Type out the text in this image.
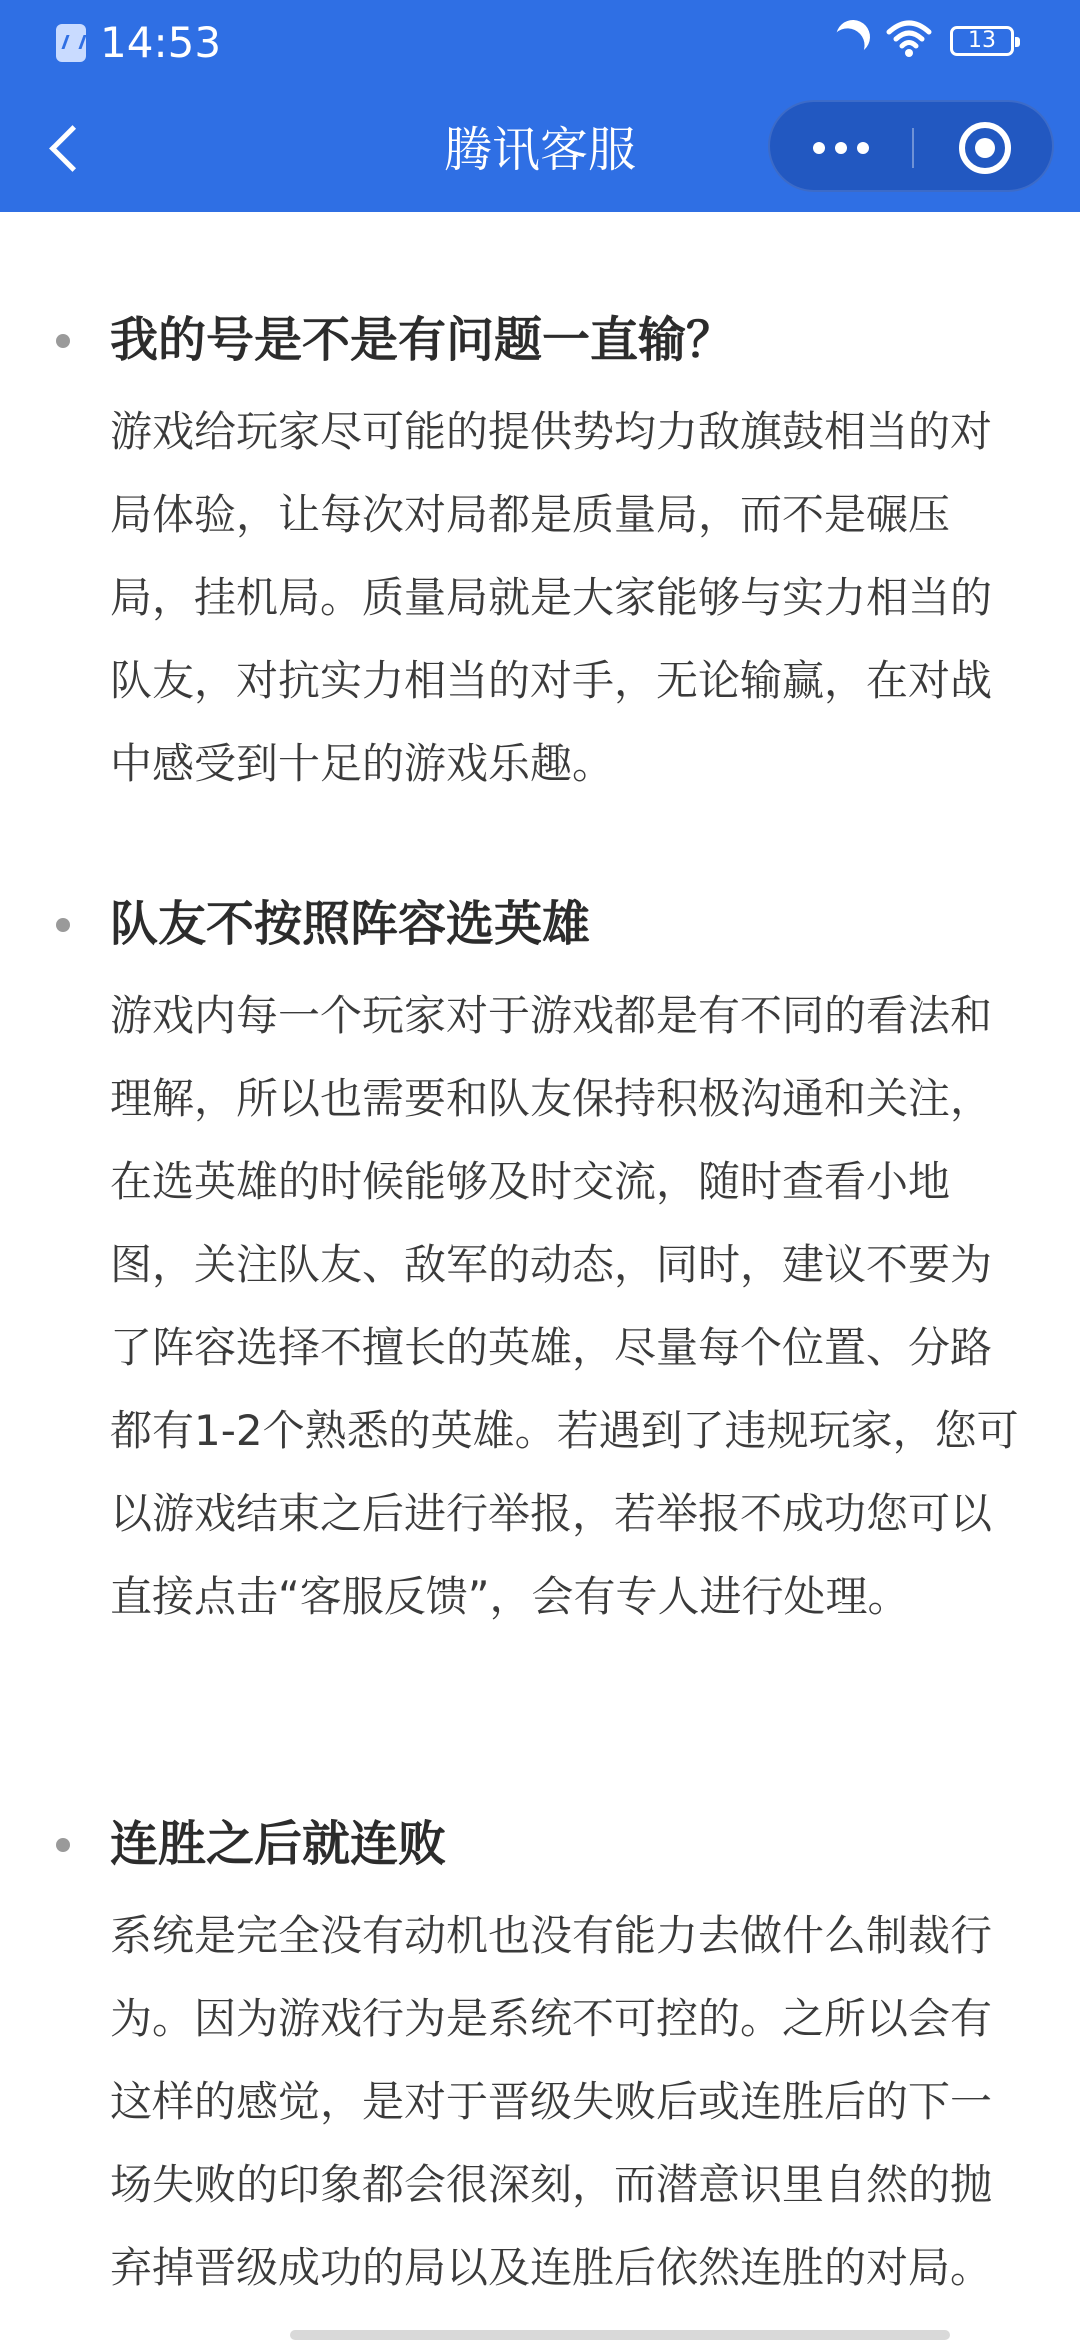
14:53	13
腾讯客服
我的号是不是有问题一直输？
游戏给玩家尽可能的提供势均力敌旗鼓相当的对局体验，让每次对局都是质量局，而不是碾压局，挂机局。质量局就是大家能够与实力相当的队友，对抗实力相当的对手，无论输赢，在对战中感受到十足的游戏乐趣。
队友不按照阵容选英雄
游戏内每一个玩家对于游戏都是有不同的看法和理解，所以也需要和队友保持积极沟通和关注，在选英雄的时候能够及时交流，随时查看小地图，关注队友、敌军的动态，同时，建议不要为了阵容选择不擅长的英雄，尽量每个位置、分路都有1-2个熟悉的英雄。若遇到了违规玩家，您可以游戏结束之后进行举报，若举报不成功您可以直接点击“客服反馈”，会有专人进行处理。
连胜之后就连败
系统是完全没有动机也没有能力去做什么制裁行为。因为游戏行为是系统不可控的。之所以会有这样的感觉，是对于晋级失败后或连胜后的下一场失败的印象都会很深刻，而潜意识里自然的抛弃掉晋级成功的局以及连胜后依然连胜的对局。
